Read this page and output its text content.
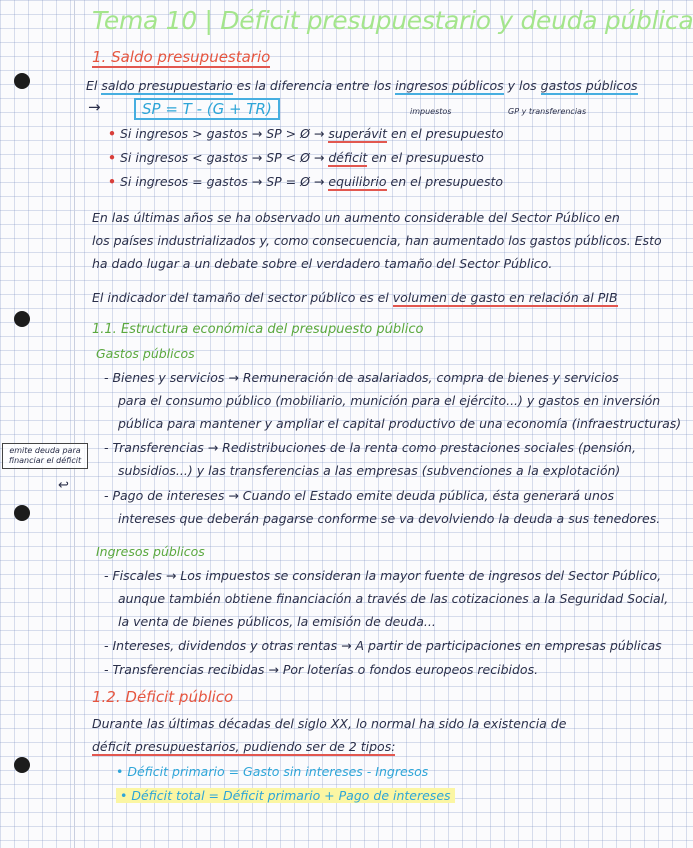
Tema 10 | Déficit presupuestario y deuda pública
1. Saldo presupuestario
El saldo presupuestario es la diferencia entre los ingresos públicos y los gastos públicos
impuestos	GP y transferencias
→	SP = T - (G + TR)
• Si ingresos > gastos → SP > Ø → superávit en el presupuesto
• Si ingresos < gastos → SP < Ø → déficit en el presupuesto
• Si ingresos = gastos → SP = Ø → equilibrio en el presupuesto
En las últimas años se ha observado un aumento considerable del Sector Público en
los países industrializados y, como consecuencia, han aumentado los gastos públicos. Esto
ha dado lugar a un debate sobre el verdadero tamaño del Sector Público.
El indicador del tamaño del sector público es el volumen de gasto en relación al PIB
1.1. Estructura económica del presupuesto público
Gastos públicos
- Bienes y servicios → Remuneración de asalariados, compra de bienes y servicios
para el consumo público (mobiliario, munición para el ejército...) y gastos en inversión
pública para mantener y ampliar el capital productivo de una economía (infraestructuras)
- Transferencias → Redistribuciones de la renta como prestaciones sociales (pensión,
subsidios...) y las transferencias a las empresas (subvenciones a la explotación)
emite deuda para financiar el déficit
↩
- Pago de intereses → Cuando el Estado emite deuda pública, ésta generará unos
intereses que deberán pagarse conforme se va devolviendo la deuda a sus tenedores.
Ingresos públicos
- Fiscales → Los impuestos se consideran la mayor fuente de ingresos del Sector Público,
aunque también obtiene financiación a través de las cotizaciones a la Seguridad Social,
la venta de bienes públicos, la emisión de deuda...
- Intereses, dividendos y otras rentas → A partir de participaciones en empresas públicas
- Transferencias recibidas → Por loterías o fondos europeos recibidos.
1.2. Déficit público
Durante las últimas décadas del siglo XX, lo normal ha sido la existencia de
déficit presupuestarios, pudiendo ser de 2 tipos:
• Déficit primario = Gasto sin intereses - Ingresos
• Déficit total = Déficit primario + Pago de intereses
